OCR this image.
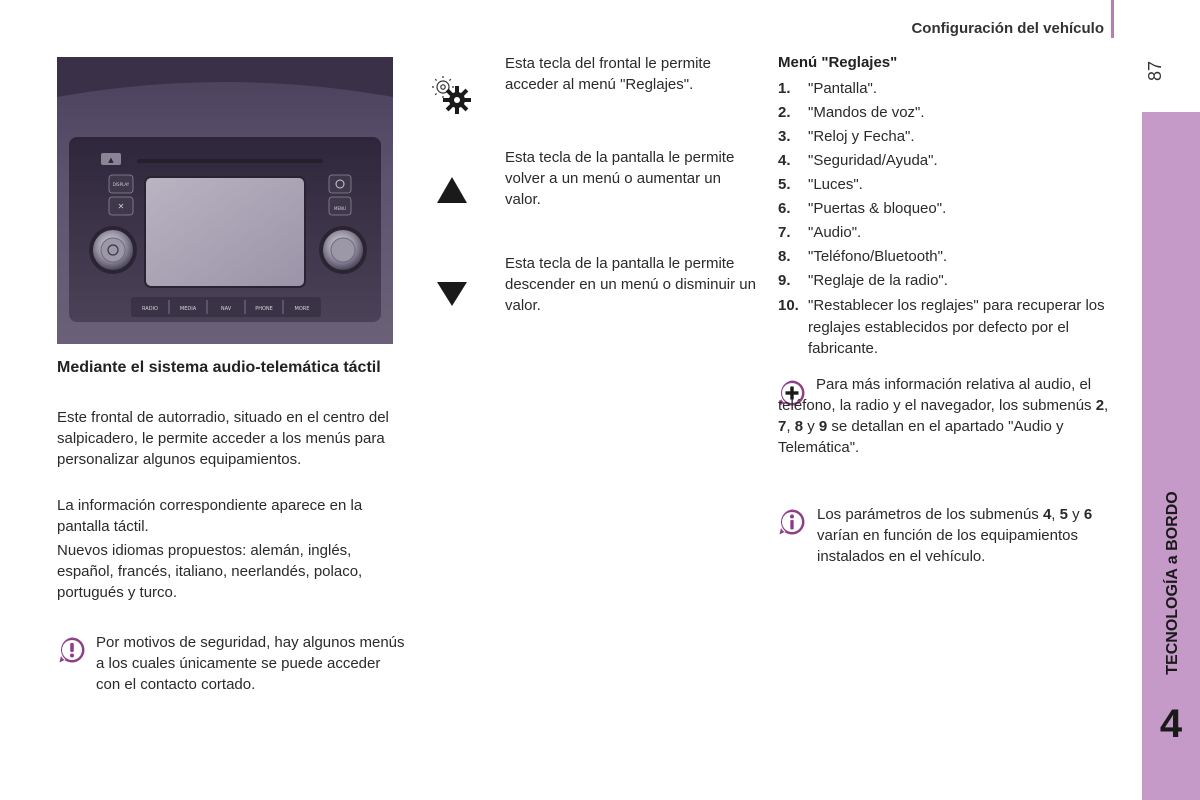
Configuración del vehículo
87
TECNOLOGÍA a BORDO
4
▲
DISPLAY
✕	MENU
RADIO	MEDIA	NAV	PHONE	MORE
Mediante el sistema audio-telemática táctil

Este frontal de autorradio, situado en el centro del salpicadero, le permite acceder a los menús para personalizar algunos equipamientos.

La información correspondiente aparece en la pantalla táctil.

Nuevos idiomas propuestos: alemán, inglés, español, francés, italiano, neerlandés, polaco, portugués y turco.

Por motivos de seguridad, hay algunos menús a los cuales únicamente se puede acceder con el contacto cortado.
Esta tecla del frontal le permite acceder al menú "Reglajes".
Esta tecla de la pantalla le permite volver a un menú o aumentar un valor.
Esta tecla de la pantalla le permite descender en un menú o disminuir un valor.
Menú "Reglajes"
1. "Pantalla".
2. "Mandos de voz".
3. "Reloj y Fecha".
4. "Seguridad/Ayuda".
5. "Luces".
6. "Puertas & bloqueo".
7. "Audio".
8. "Teléfono/Bluetooth".
9. "Reglaje de la radio".
10. "Restablecer los reglajes" para recuperar los reglajes establecidos por defecto por el fabricante.
Para más información relativa al audio, el teléfono, la radio y el navegador, los submenús 2, 7, 8 y 9 se detallan en el apartado "Audio y Telemática".
Los parámetros de los submenús 4, 5 y 6 varían en función de los equipamientos instalados en el vehículo.
